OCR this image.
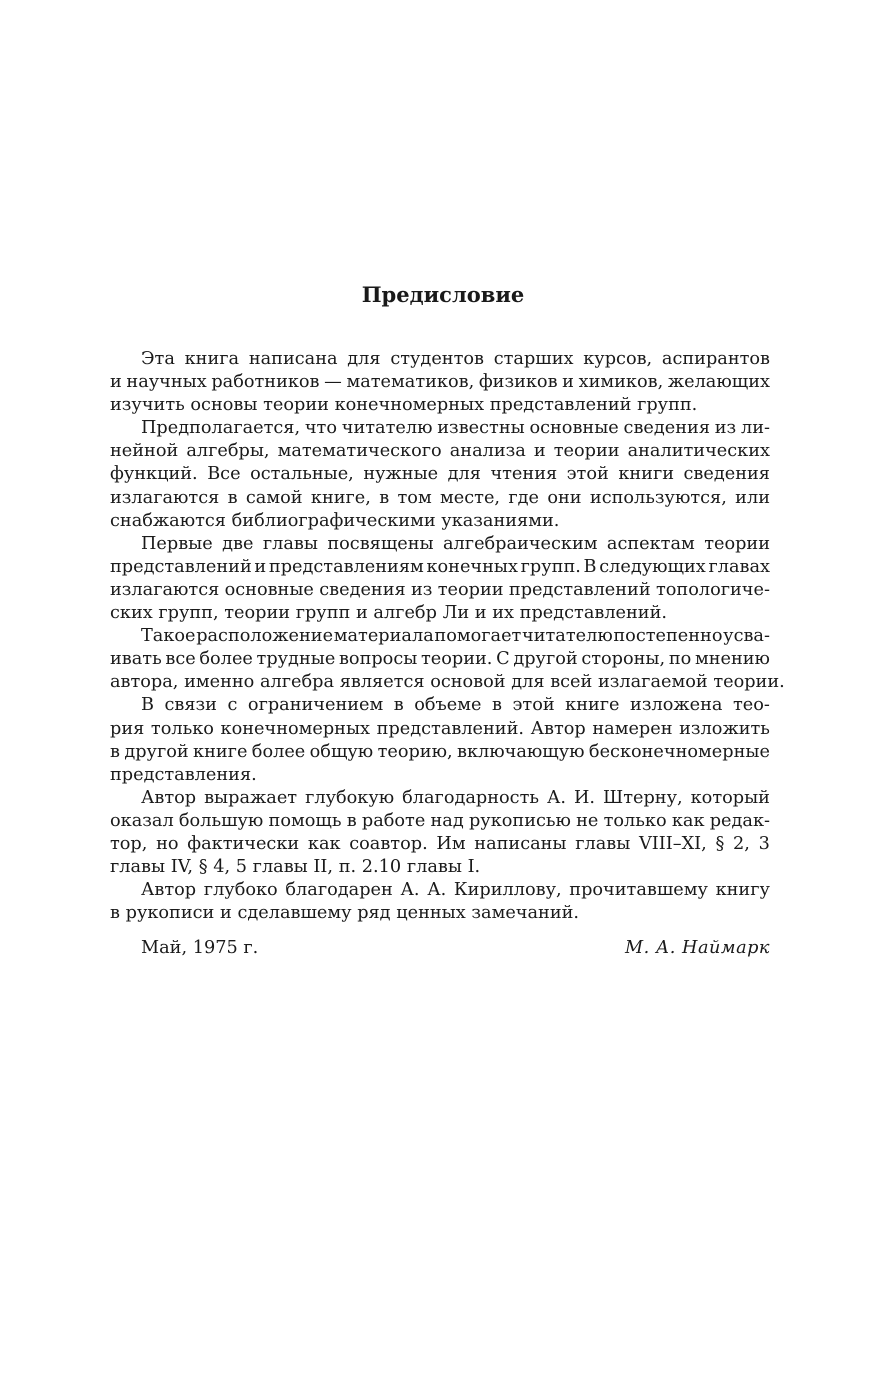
Предисловие
Эта книга написана для студентов старших курсов, аспирантов
и научных работников — математиков, физиков и химиков, желающих
изучить основы теории конечномерных представлений групп.
Предполагается, что читателю известны основные сведения из ли-
нейной алгебры, математического анализа и теории аналитических
функций. Все остальные, нужные для чтения этой книги сведения
излагаются в самой книге, в том месте, где они используются, или
снабжаются библиографическими указаниями.
Первые две главы посвящены алгебраическим аспектам теории
представлений и представлениям конечных групп. В следующих главах
излагаются основные сведения из теории представлений топологиче-
ских групп, теории групп и алгебр Ли и их представлений.
Такое расположение материала помогает читателю постепенно усва-
ивать все более трудные вопросы теории. С другой стороны, по мнению
автора, именно алгебра является основой для всей излагаемой теории.
В связи с ограничением в объеме в этой книге изложена тео-
рия только конечномерных представлений. Автор намерен изложить
в другой книге более общую теорию, включающую бесконечномерные
представления.
Автор выражает глубокую благодарность А. И. Штерну, который
оказал большую помощь в работе над рукописью не только как редак-
тор, но фактически как соавтор. Им написаны главы VIII–XI, § 2, 3
главы IV, § 4, 5 главы II, п. 2.10 главы I.
Автор глубоко благодарен А. А. Кириллову, прочитавшему книгу
в рукописи и сделавшему ряд ценных замечаний.
Май, 1975 г.	М. А. Наймарк
